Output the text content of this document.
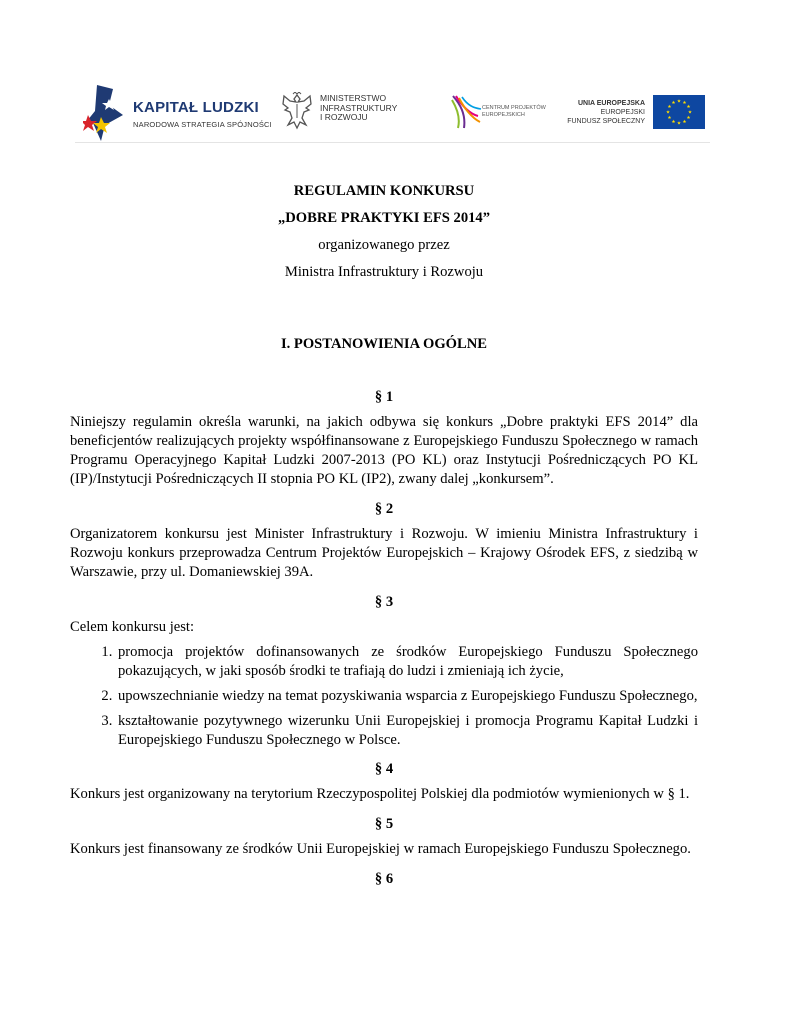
KAPITAŁ LUDZKI
NARODOWA STRATEGIA SPÓJNOŚCI
MINISTERSTWO
INFRASTRUKTURY
I ROZWOJU
CENTRUM PROJEKTÓW
EUROPEJSKICH
UNIA EUROPEJSKA
EUROPEJSKI
FUNDUSZ SPOŁECZNY
REGULAMIN KONKURSU
„DOBRE PRAKTYKI EFS 2014”
organizowanego przez
Ministra Infrastruktury i Rozwoju
I. POSTANOWIENIA OGÓLNE

§ 1

Niniejszy regulamin określa warunki, na jakich odbywa się konkurs „Dobre praktyki EFS 2014” dla beneficjentów realizujących projekty współfinansowane z Europejskiego Funduszu Społecznego w ramach Programu Operacyjnego Kapitał Ludzki 2007-2013 (PO KL) oraz Instytucji Pośredniczących PO KL (IP)/Instytucji Pośredniczących II stopnia PO KL (IP2), zwany dalej „konkursem”.

§ 2

Organizatorem konkursu jest Minister Infrastruktury i Rozwoju. W imieniu Ministra Infrastruktury i Rozwoju konkurs przeprowadza Centrum Projektów Europejskich – Krajowy Ośrodek EFS, z siedzibą w Warszawie, przy ul. Domaniewskiej 39A.

§ 3

Celem konkursu jest:

1. promocja projektów dofinansowanych ze środków Europejskiego Funduszu Społecznego pokazujących, w jaki sposób środki te trafiają do ludzi i zmieniają ich życie,
2. upowszechnianie wiedzy na temat pozyskiwania wsparcia z Europejskiego Funduszu Społecznego,
3. kształtowanie pozytywnego wizerunku Unii Europejskiej i promocja Programu Kapitał Ludzki i Europejskiego Funduszu Społecznego w Polsce.

§ 4

Konkurs jest organizowany na terytorium Rzeczypospolitej Polskiej dla podmiotów wymienionych w § 1.

§ 5

Konkurs jest finansowany ze środków Unii Europejskiej w ramach Europejskiego Funduszu Społecznego.

§ 6
